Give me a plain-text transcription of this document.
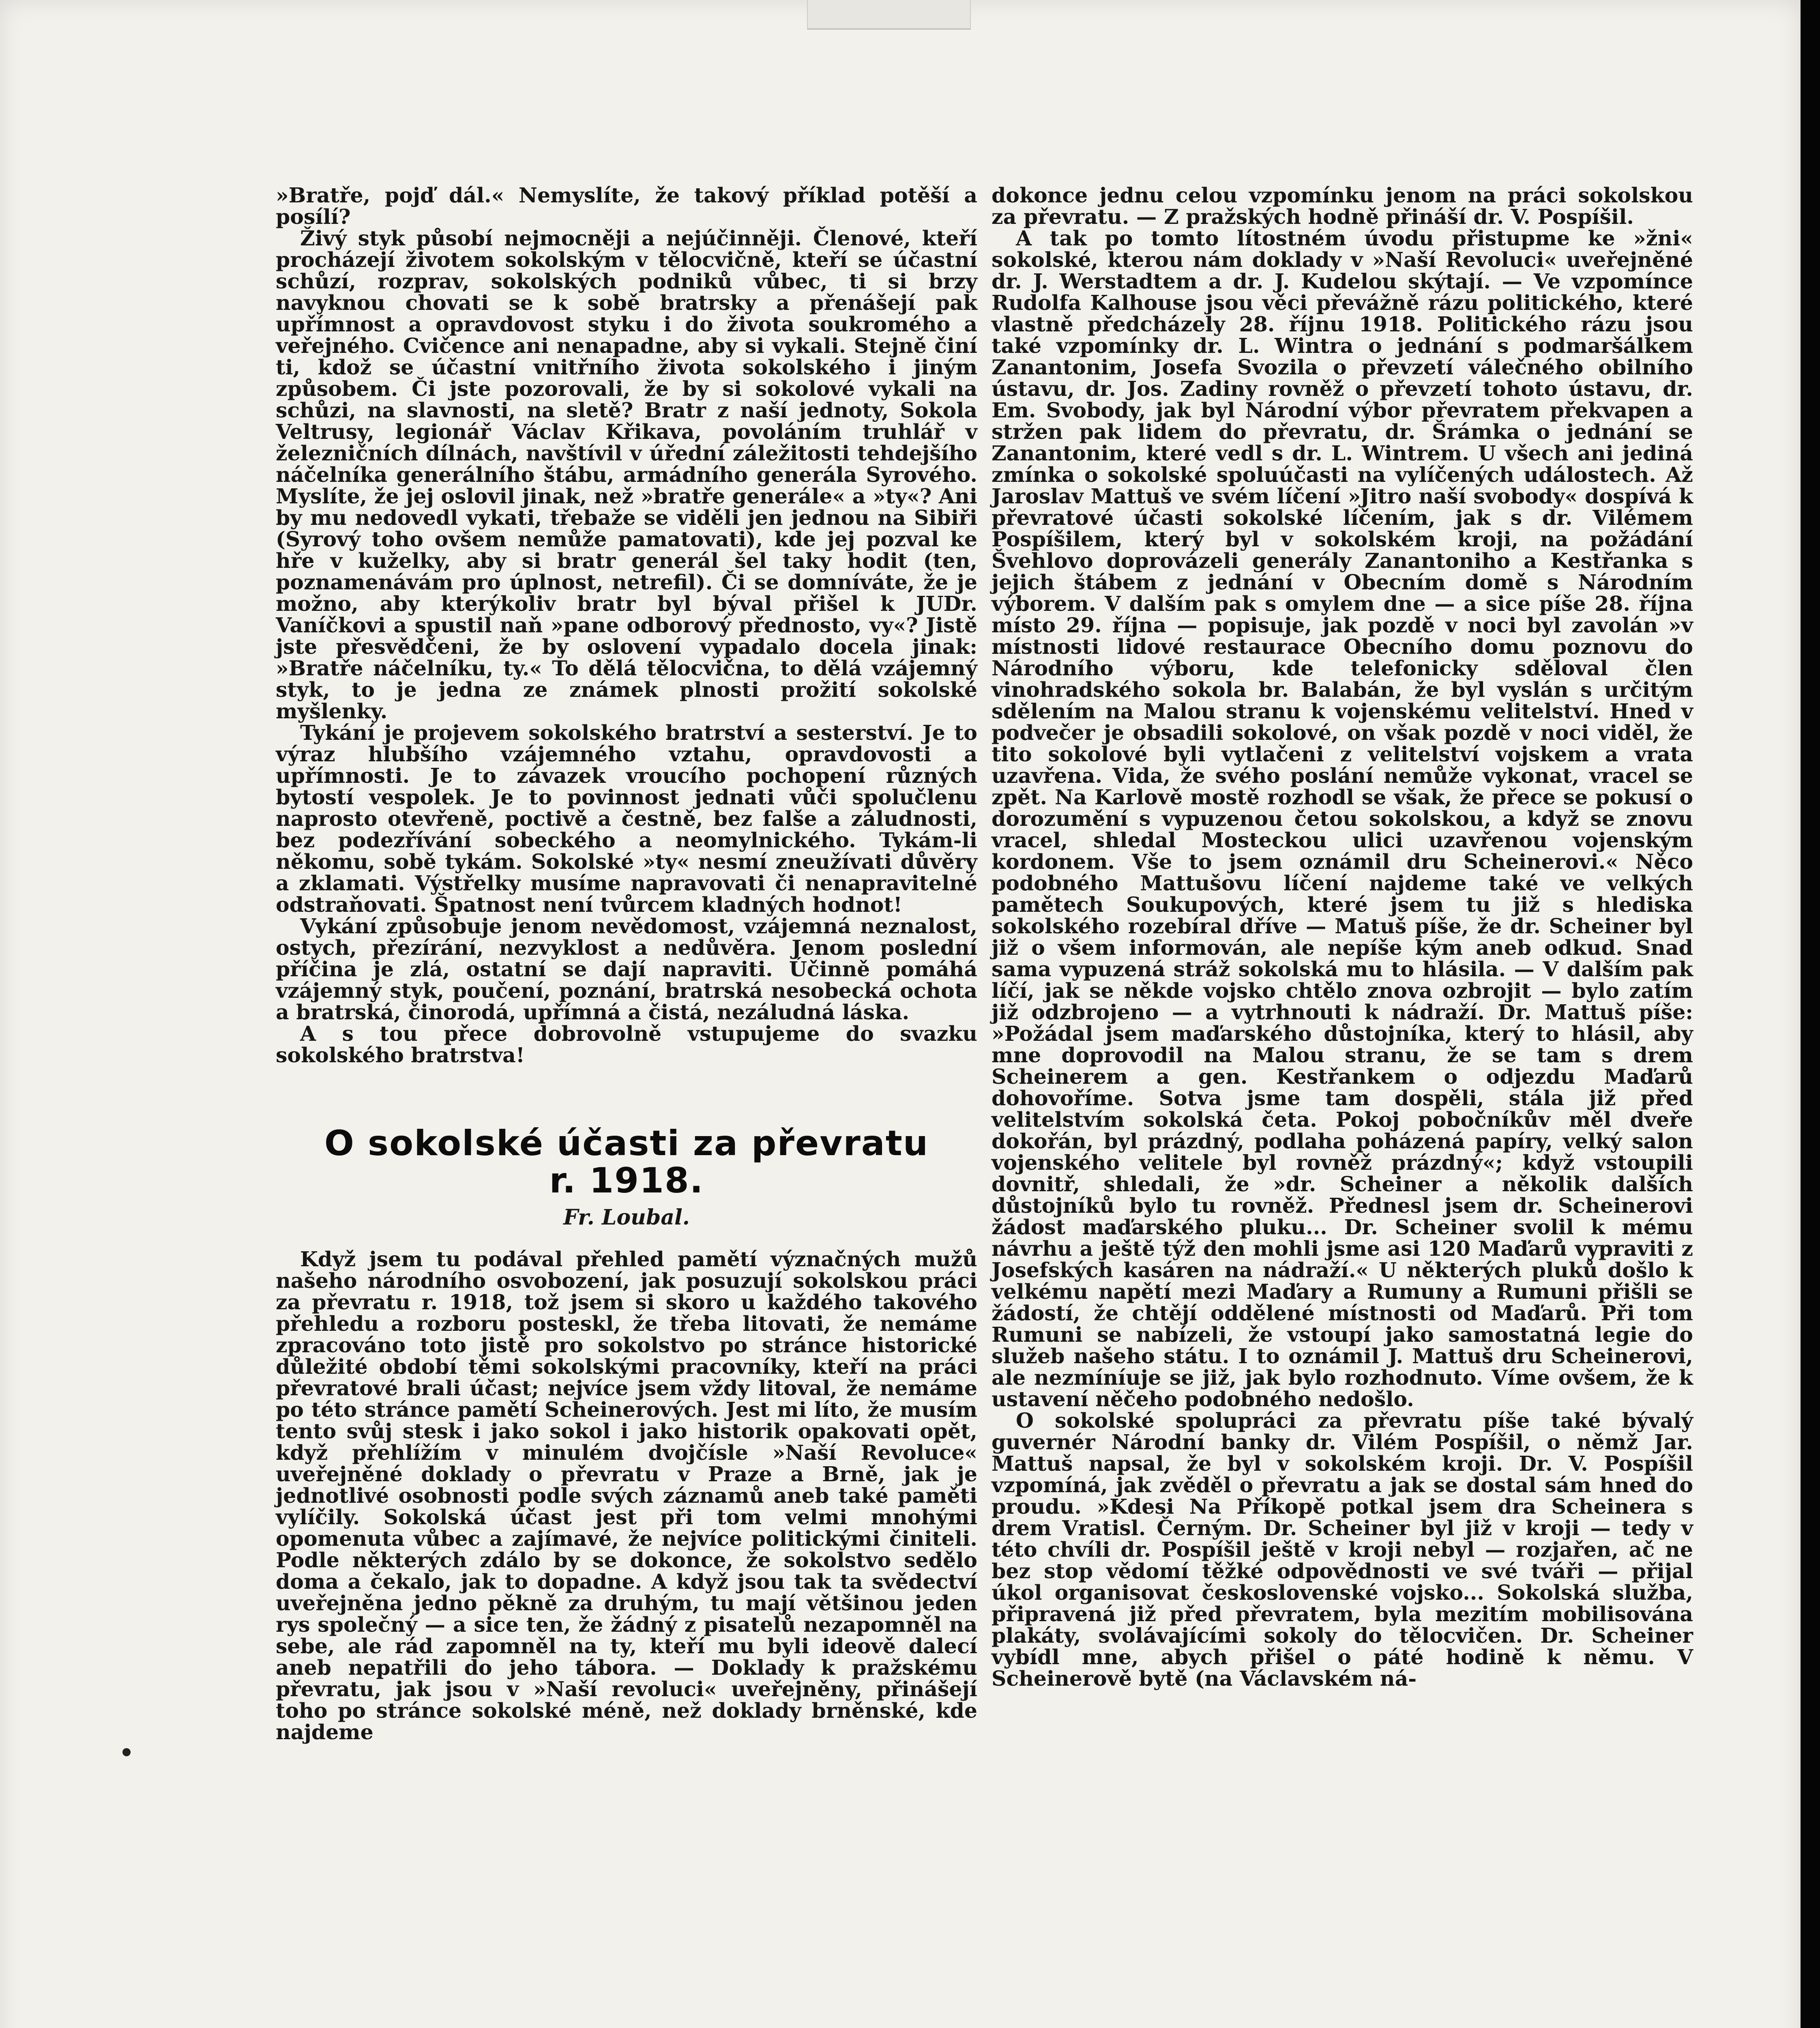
»Bratře, pojď dál.« Nemyslíte, že takový příklad potěší a posílí?

Živý styk působí nejmocněji a nejúčinněji. Členové, kteří procházejí životem sokolským v tělocvičně, kteří se účastní schůzí, rozprav, sokolských podniků vůbec, ti si brzy navyknou chovati se k sobě bratrsky a přenášejí pak upřímnost a opravdovost styku i do života soukromého a veřejného. Cvičence ani nenapadne, aby si vykali. Stejně činí ti, kdož se účastní vnitřního života sokolského i jiným způsobem. Či jste pozorovali, že by si sokolové vykali na schůzi, na slavnosti, na sletě? Bratr z naší jednoty, Sokola Veltrusy, legionář Václav Křikava, povoláním truhlář v železničních dílnách, navštívil v úřední záležitosti tehdejšího náčelníka generálního štábu, armádního generála Syrového. Myslíte, že jej oslovil jinak, než »bratře generále« a »ty«? Ani by mu nedovedl vykati, třebaže se viděli jen jednou na Sibiři (Syrový toho ovšem nemůže pamatovati), kde jej pozval ke hře v kuželky, aby si bratr generál šel taky hodit (ten, poznamenávám pro úplnost, netrefil). Či se domníváte, že je možno, aby kterýkoliv bratr byl býval přišel k JUDr. Vaníčkovi a spustil naň »pane odborový přednosto, vy«? Jistě jste přesvědčeni, že by oslovení vypadalo docela jinak: »Bratře náčelníku, ty.« To dělá tělocvična, to dělá vzájemný styk, to je jedna ze známek plnosti prožití sokolské myšlenky.

Tykání je projevem sokolského bratrství a sesterství. Je to výraz hlubšího vzájemného vztahu, opravdovosti a upřímnosti. Je to závazek vroucího pochopení různých bytostí vespolek. Je to povinnost jednati vůči spolučlenu naprosto otevřeně, poctivě a čestně, bez falše a záludnosti, bez podezřívání sobeckého a neomylnického. Tykám-li někomu, sobě tykám. Sokolské »ty« nesmí zneužívati důvěry a zklamati. Výstřelky musíme napravovati či nenapravitelné odstraňovati. Špatnost není tvůrcem kladných hodnot!

Vykání způsobuje jenom nevědomost, vzájemná neznalost, ostych, přezírání, nezvyklost a nedůvěra. Jenom poslední příčina je zlá, ostatní se dají napraviti. Účinně pomáhá vzájemný styk, poučení, poznání, bratrská nesobecká ochota a bratrská, činorodá, upřímná a čistá, nezáludná láska.

A s tou přece dobrovolně vstupujeme do svazku sokolského bratrstva!

O sokolské účasti za převratu
r. 1918.
Fr. Loubal.

Když jsem tu podával přehled pamětí význačných mužů našeho národního osvobození, jak posuzují sokolskou práci za převratu r. 1918, tož jsem si skoro u každého takového přehledu a rozboru posteskl, že třeba litovati, že nemáme zpracováno toto jistě pro sokolstvo po stránce historické důležité období těmi sokolskými pracovníky, kteří na práci převratové brali účast; nejvíce jsem vždy litoval, že nemáme po této stránce pamětí Scheinerových. Jest mi líto, že musím tento svůj stesk i jako sokol i jako historik opakovati opět, když přehlížím v minulém dvojčísle »Naší Revoluce« uveřejněné doklady o převratu v Praze a Brně, jak je jednotlivé osobnosti podle svých záznamů aneb také paměti vylíčily. Sokolská účast jest při tom velmi mnohými opomenuta vůbec a zajímavé, že nejvíce politickými činiteli. Podle některých zdálo by se dokonce, že sokolstvo sedělo doma a čekalo, jak to dopadne. A když jsou tak ta svědectví uveřejněna jedno pěkně za druhým, tu mají většinou jeden rys společný — a sice ten, že žádný z pisatelů nezapomněl na sebe, ale rád zapomněl na ty, kteří mu byli ideově dalecí aneb nepatřili do jeho tábora. — Doklady k pražskému převratu, jak jsou v »Naší revoluci« uveřejněny, přinášejí toho po stránce sokolské méně, než doklady brněnské, kde najdeme

dokonce jednu celou vzpomínku jenom na práci sokolskou za převratu. — Z pražských hodně přináší dr. V. Pospíšil.

A tak po tomto lítostném úvodu přistupme ke »žni« sokolské, kterou nám doklady v »Naší Revoluci« uveřejněné dr. J. Werstadtem a dr. J. Kudelou skýtají. — Ve vzpomínce Rudolfa Kalhouse jsou věci převážně rázu politického, které vlastně předcházely 28. říjnu 1918. Politického rázu jsou také vzpomínky dr. L. Wintra o jednání s podmaršálkem Zanantonim, Josefa Svozila o převzetí válečného obilního ústavu, dr. Jos. Zadiny rovněž o převzetí tohoto ústavu, dr. Em. Svobody, jak byl Národní výbor převratem překvapen a stržen pak lidem do převratu, dr. Šrámka o jednání se Zanantonim, které vedl s dr. L. Wintrem. U všech ani jediná zmínka o sokolské spoluúčasti na vylíčených událostech. Až Jaroslav Mattuš ve svém líčení »Jitro naší svobody« dospívá k převratové účasti sokolské líčením, jak s dr. Vilémem Pospíšilem, který byl v sokolském kroji, na požádání Švehlovo doprovázeli generály Zanantoniho a Kestřanka s jejich štábem z jednání v Obecním domě s Národním výborem. V dalším pak s omylem dne — a sice píše 28. října místo 29. října — popisuje, jak pozdě v noci byl zavolán »v místnosti lidové restaurace Obecního domu poznovu do Národního výboru, kde telefonicky sděloval člen vinohradského sokola br. Balabán, že byl vyslán s určitým sdělením na Malou stranu k vojenskému velitelství. Hned v podvečer je obsadili sokolové, on však pozdě v noci viděl, že tito sokolové byli vytlačeni z velitelství vojskem a vrata uzavřena. Vida, že svého poslání nemůže vykonat, vracel se zpět. Na Karlově mostě rozhodl se však, že přece se pokusí o dorozumění s vypuzenou četou sokolskou, a když se znovu vracel, shledal Mosteckou ulici uzavřenou vojenským kordonem. Vše to jsem oznámil dru Scheinerovi.« Něco podobného Mattušovu líčení najdeme také ve velkých pamětech Soukupových, které jsem tu již s hlediska sokolského rozebíral dříve — Matuš píše, že dr. Scheiner byl již o všem informován, ale nepíše kým aneb odkud. Snad sama vypuzená stráž sokolská mu to hlásila. — V dalším pak líčí, jak se někde vojsko chtělo znova ozbrojit — bylo zatím již odzbrojeno — a vytrhnouti k nádraží. Dr. Mattuš píše: »Požádal jsem maďarského důstojníka, který to hlásil, aby mne doprovodil na Malou stranu, že se tam s drem Scheinerem a gen. Kestřankem o odjezdu Maďarů dohovoříme. Sotva jsme tam dospěli, stála již před velitelstvím sokolská četa. Pokoj pobočníkův měl dveře dokořán, byl prázdný, podlaha poházená papíry, velký salon vojenského velitele byl rovněž prázdný«; když vstoupili dovnitř, shledali, že »dr. Scheiner a několik dalších důstojníků bylo tu rovněž. Přednesl jsem dr. Scheinerovi žádost maďarského pluku... Dr. Scheiner svolil k mému návrhu a ještě týž den mohli jsme asi 120 Maďarů vypraviti z Josefských kasáren na nádraží.« U některých pluků došlo k velkému napětí mezi Maďary a Rumuny a Rumuni přišli se žádostí, že chtějí oddělené místnosti od Maďarů. Při tom Rumuni se nabízeli, že vstoupí jako samostatná legie do služeb našeho státu. I to oznámil J. Mattuš dru Scheinerovi, ale nezmíníuje se již, jak bylo rozhodnuto. Víme ovšem, že k ustavení něčeho podobného nedošlo.

O sokolské spolupráci za převratu píše také bývalý guvernér Národní banky dr. Vilém Pospíšil, o němž Jar. Mattuš napsal, že byl v sokolském kroji. Dr. V. Pospíšil vzpomíná, jak zvěděl o převratu a jak se dostal sám hned do proudu. »Kdesi Na Příkopě potkal jsem dra Scheinera s drem Vratisl. Černým. Dr. Scheiner byl již v kroji — tedy v této chvíli dr. Pospíšil ještě v kroji nebyl — rozjařen, ač ne bez stop vědomí těžké odpovědnosti ve své tváři — přijal úkol organisovat československé vojsko... Sokolská služba, připravená již před převratem, byla mezitím mobilisována plakáty, svolávajícími sokoly do tělocvičen. Dr. Scheiner vybídl mne, abych přišel o páté hodině k němu. V Scheinerově bytě (na Václavském ná-
